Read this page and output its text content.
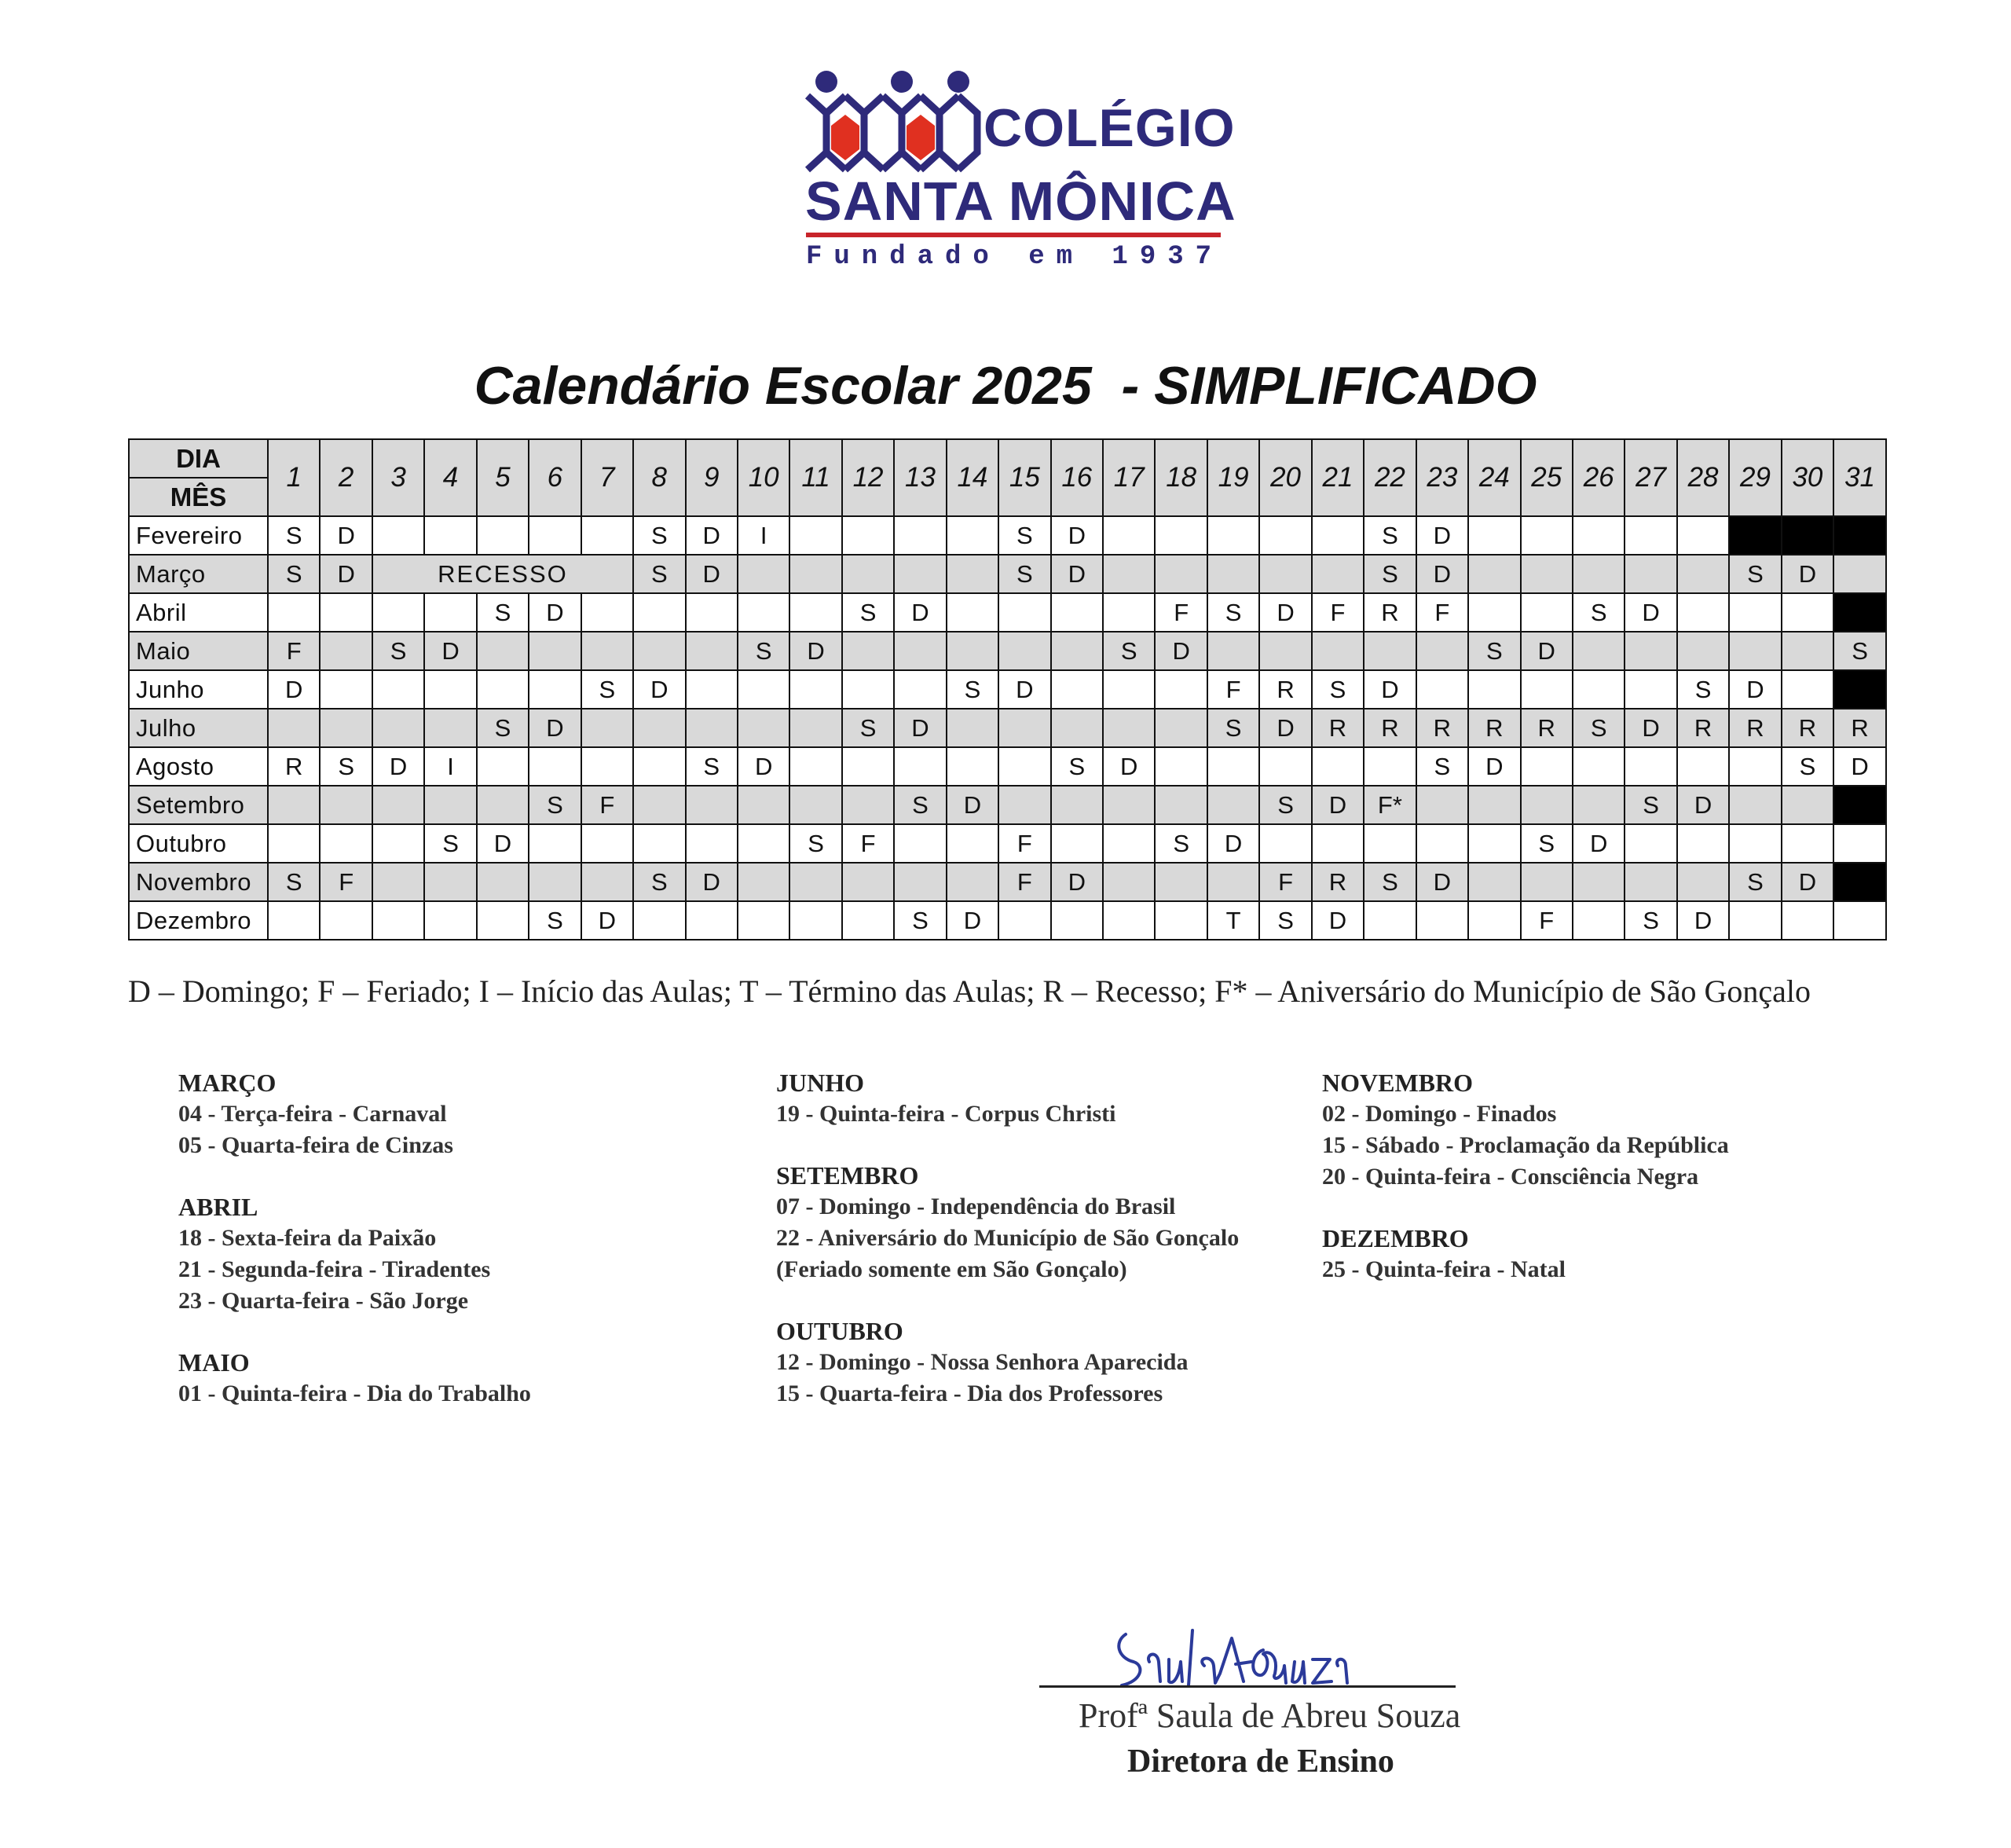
COLÉGIO
SANTA MÔNICA
Fundado em 1937
Calendário Escolar 2025  - SIMPLIFICADO
DIA	1	2	3	4	5	6	7	8	9	10	11	12	13	14	15	16	17	18	19	20	21	22	23	24	25	26	27	28	29	30	31
MÊS																															
Fevereiro	S	D						S	D	I					S	D						S	D								
Março	S	D	RECESSO					S	D						S	D						S	D						S	D	
Abril					S	D						S	D					F	S	D	F	R	F			S	D				
Maio	F		S	D						S	D						S	D						S	D						S
Junho	D						S	D						S	D				F	R	S	D						S	D		
Julho					S	D						S	D						S	D	R	R	R	R	R	S	D	R	R	R	R
Agosto	R	S	D	I					S	D						S	D						S	D						S	D
Setembro						S	F						S	D						S	D	F*					S	D			
Outubro				S	D						S	F			F			S	D						S	D					
Novembro	S	F						S	D						F	D				F	R	S	D						S	D	
Dezembro						S	D						S	D					T	S	D				F		S	D			
D – Domingo; F – Feriado; I – Início das Aulas; T – Término das Aulas; R – Recesso; F* – Aniversário do Município de São Gonçalo
MARÇO
04 - Terça-feira - Carnaval
05 - Quarta-feira de Cinzas
ABRIL
18 - Sexta-feira da Paixão
21 - Segunda-feira - Tiradentes
23 - Quarta-feira - São Jorge
MAIO
01 - Quinta-feira - Dia do Trabalho
JUNHO
19 - Quinta-feira - Corpus Christi
SETEMBRO
07 - Domingo - Independência do Brasil
22 - Aniversário do Município de São Gonçalo
(Feriado somente em São Gonçalo)
OUTUBRO
12 - Domingo - Nossa Senhora Aparecida
15 - Quarta-feira - Dia dos Professores
NOVEMBRO
02 - Domingo - Finados
15 - Sábado - Proclamação da República
20 - Quinta-feira - Consciência Negra
DEZEMBRO
25 - Quinta-feira - Natal
Profª Saula de Abreu Souza
Diretora de Ensino
